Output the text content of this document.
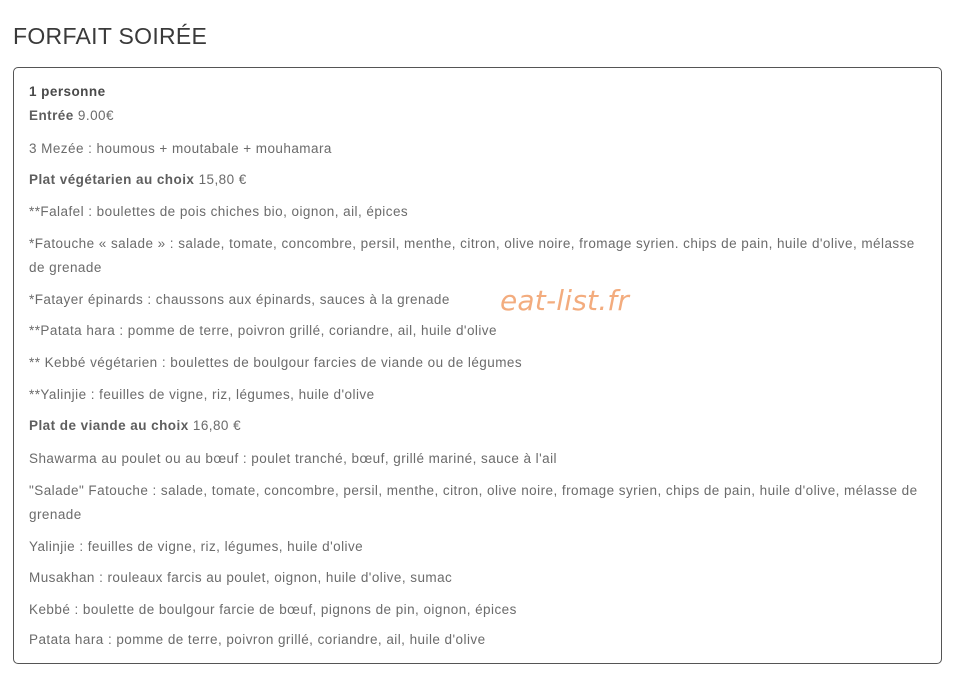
FORFAIT SOIRÉE
1 personne
Entrée 9.00€
3 Mezée : houmous + moutabale + mouhamara
Plat végétarien au choix 15,80 €
**Falafel : boulettes de pois chiches bio, oignon, ail, épices
*Fatouche « salade » : salade, tomate, concombre, persil, menthe, citron, olive noire, fromage syrien. chips de pain, huile d'olive, mélasse de grenade
*Fatayer épinards : chaussons aux épinards, sauces à la grenade
**Patata hara : pomme de terre, poivron grillé, coriandre, ail, huile d'olive
** Kebbé végétarien : boulettes de boulgour farcies de viande ou de légumes
**Yalinjie : feuilles de vigne, riz, légumes, huile d'olive
Plat de viande au choix 16,80 €
Shawarma au poulet ou au bœuf : poulet tranché, bœuf, grillé mariné, sauce à l'ail
"Salade" Fatouche : salade, tomate, concombre, persil, menthe, citron, olive noire, fromage syrien, chips de pain, huile d'olive, mélasse de grenade
Yalinjie : feuilles de vigne, riz, légumes, huile d'olive
Musakhan : rouleaux farcis au poulet, oignon, huile d'olive, sumac
Kebbé : boulette de boulgour farcie de bœuf, pignons de pin, oignon, épices
Patata hara : pomme de terre, poivron grillé, coriandre, ail, huile d'olive
eat-list.fr
